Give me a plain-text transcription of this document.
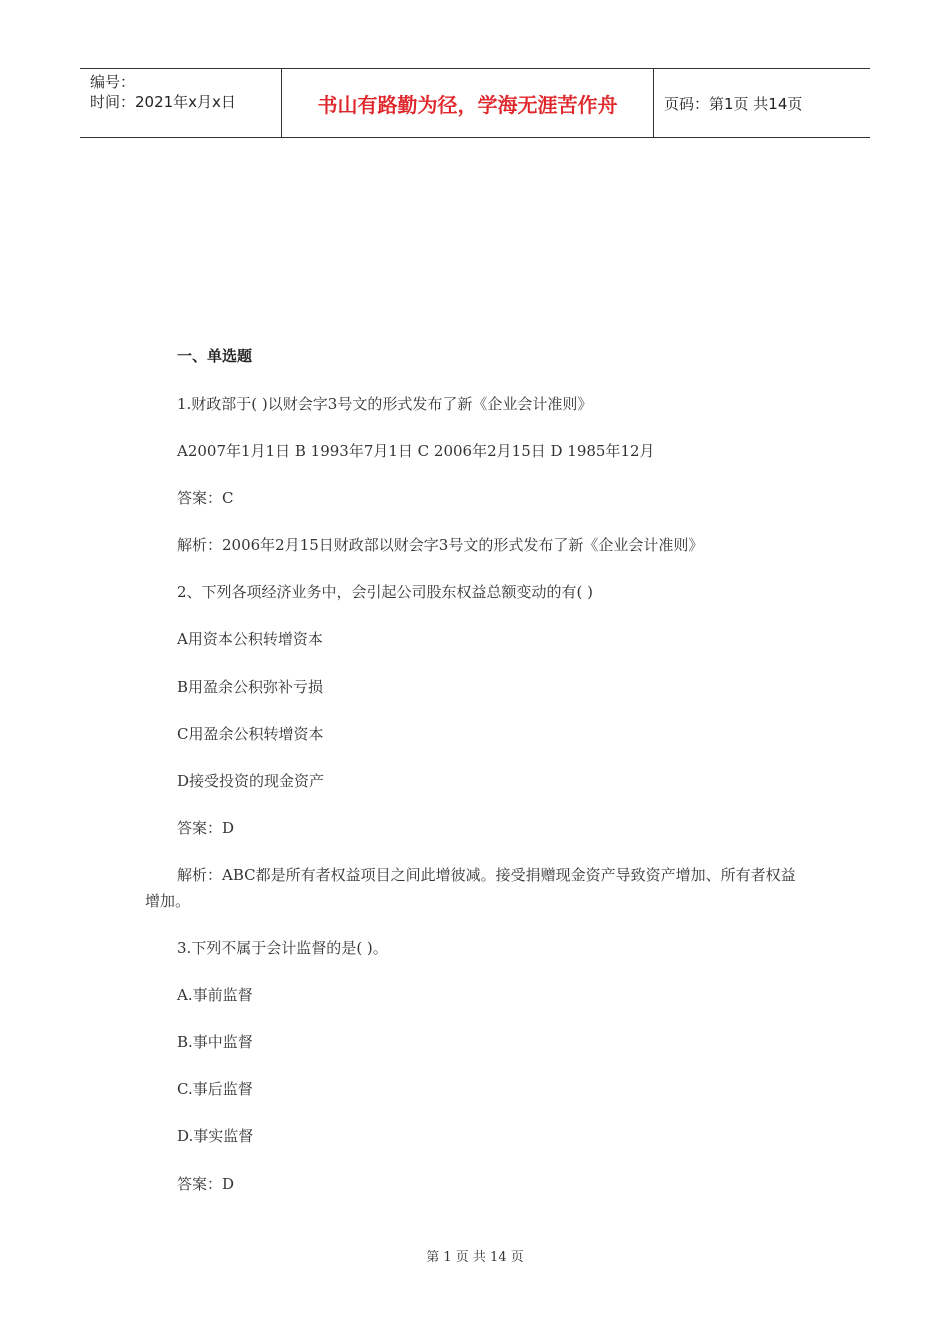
编号：
时间：2021年x月x日	书山有路勤为径，学海无涯苦作舟	页码：第1页 共14页
一、单选题
1.财政部于( )以财会字3号文的形式发布了新《企业会计准则》
A2007年1月1日 B 1993年7月1日 C 2006年2月15日 D 1985年12月
答案：C
解析：2006年2月15日财政部以财会字3号文的形式发布了新《企业会计准则》
2、下列各项经济业务中，会引起公司股东权益总额变动的有( )
A用资本公积转增资本
B用盈余公积弥补亏损
C用盈余公积转增资本
D接受投资的现金资产
答案：D
解析：ABC都是所有者权益项目之间此增彼减。接受捐赠现金资产导致资产增加、所有者权益增加。
3.下列不属于会计监督的是( )。
A.事前监督
B.事中监督
C.事后监督
D.事实监督
答案：D
第 1 页 共 14 页
